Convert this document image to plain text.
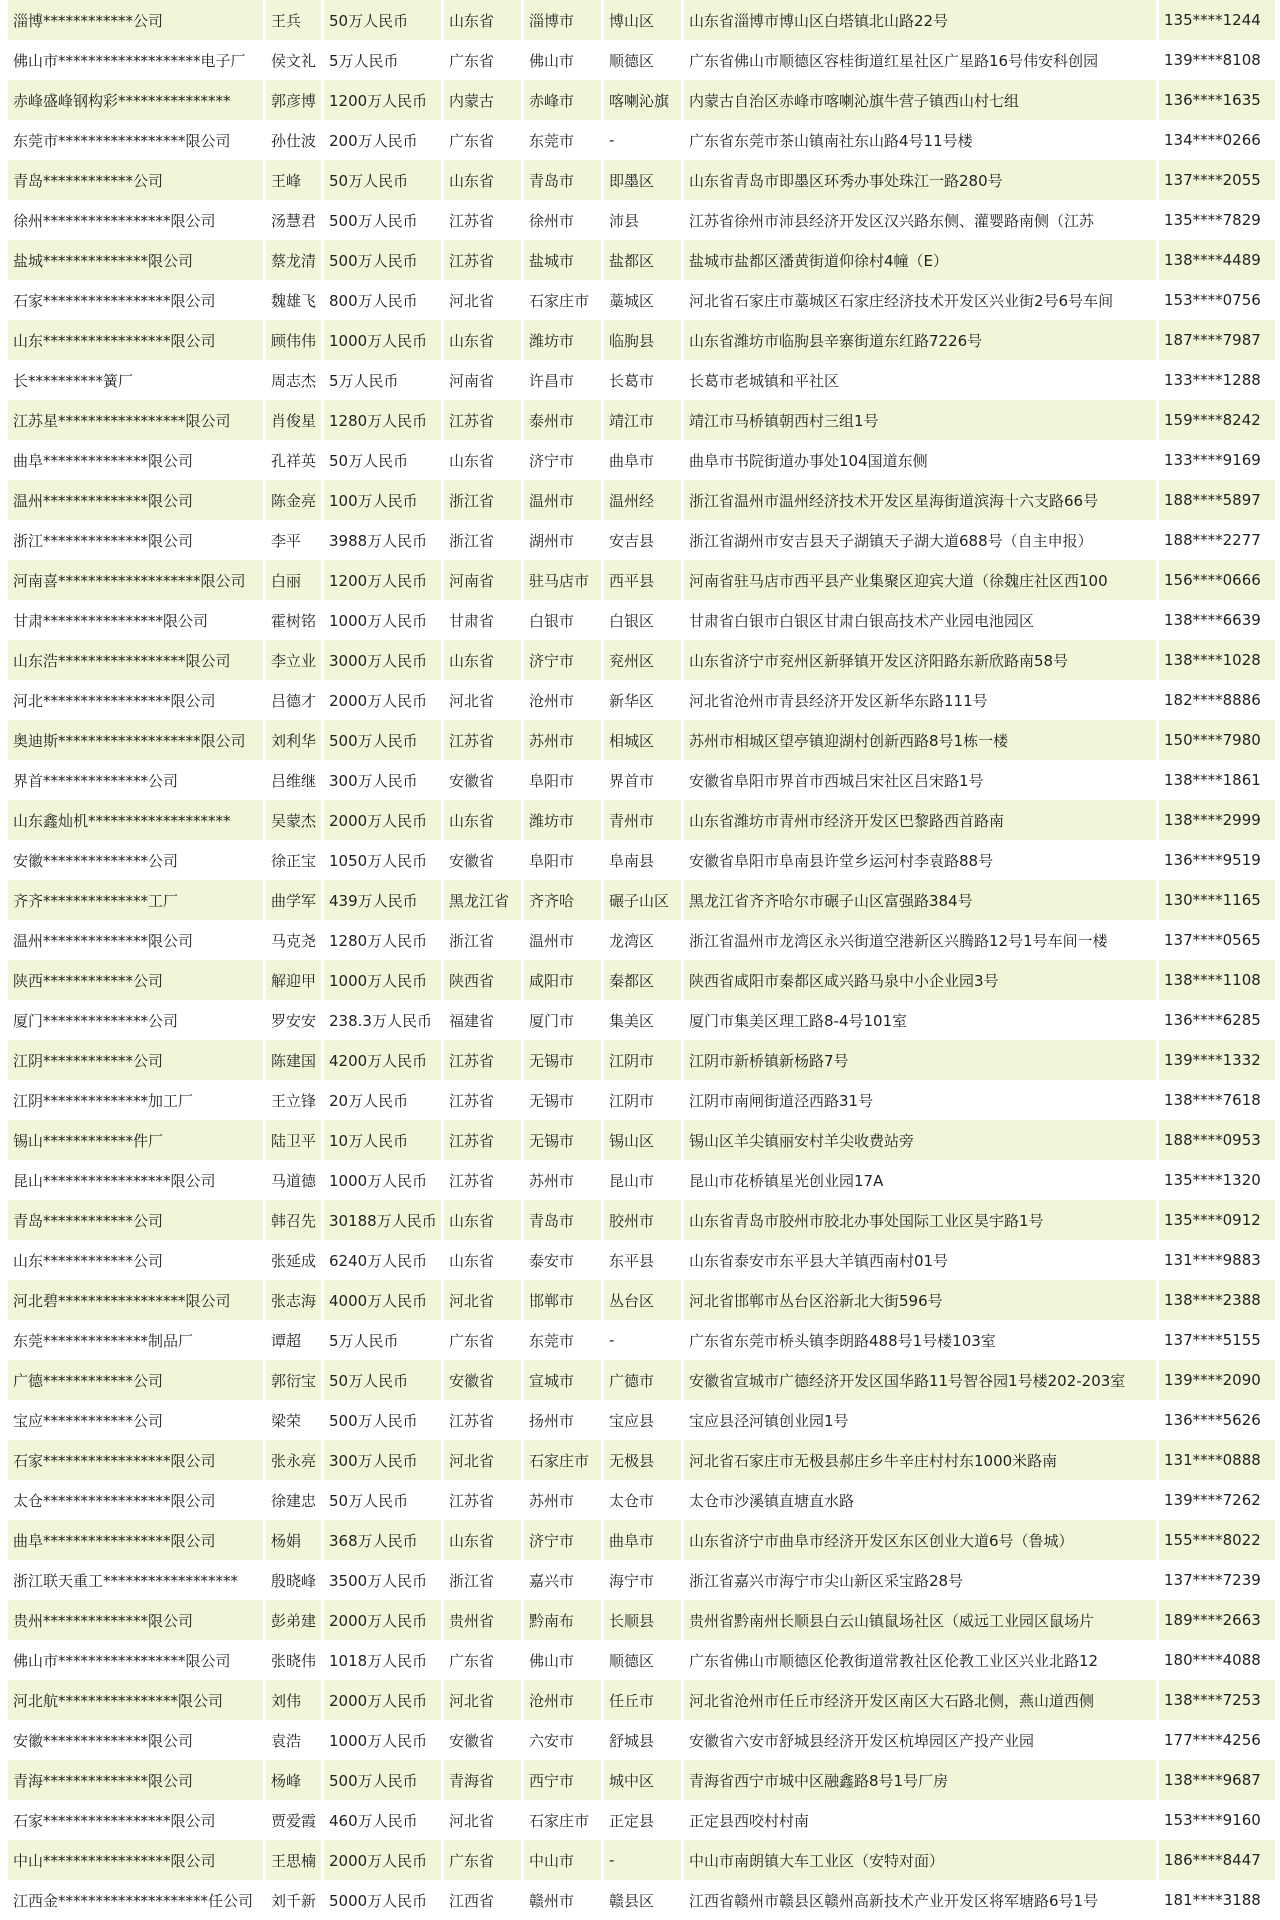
淄博************公司	王兵	50万人民币	山东省	淄博市	博山区	山东省淄博市博山区白塔镇北山路22号	135****1244
佛山市*******************电子厂	侯文礼	5万人民币	广东省	佛山市	顺德区	广东省佛山市顺德区容桂街道红星社区广星路16号伟安科创园	139****8108
赤峰盛峰钢构彩***************	郭彦博	1200万人民币	内蒙古	赤峰市	喀喇沁旗	内蒙古自治区赤峰市喀喇沁旗牛营子镇西山村七组	136****1635
东莞市*****************限公司	孙仕波	200万人民币	广东省	东莞市	-	广东省东莞市茶山镇南社东山路4号11号楼	134****0266
青岛************公司	王峰	50万人民币	山东省	青岛市	即墨区	山东省青岛市即墨区环秀办事处珠江一路280号	137****2055
徐州*****************限公司	汤慧君	500万人民币	江苏省	徐州市	沛县	江苏省徐州市沛县经济开发区汉兴路东侧、灌婴路南侧（江苏	135****7829
盐城**************限公司	蔡龙清	500万人民币	江苏省	盐城市	盐都区	盐城市盐都区潘黄街道仰徐村4幢（E）	138****4489
石家*****************限公司	魏雄飞	800万人民币	河北省	石家庄市	藁城区	河北省石家庄市藁城区石家庄经济技术开发区兴业街2号6号车间	153****0756
山东*****************限公司	顾伟伟	1000万人民币	山东省	潍坊市	临朐县	山东省潍坊市临朐县辛寨街道东红路7226号	187****7987
长**********簧厂	周志杰	5万人民币	河南省	许昌市	长葛市	长葛市老城镇和平社区	133****1288
江苏星*****************限公司	肖俊星	1280万人民币	江苏省	泰州市	靖江市	靖江市马桥镇朝西村三组1号	159****8242
曲阜**************限公司	孔祥英	50万人民币	山东省	济宁市	曲阜市	曲阜市书院街道办事处104国道东侧	133****9169
温州**************限公司	陈金亮	100万人民币	浙江省	温州市	温州经	浙江省温州市温州经济技术开发区星海街道滨海十六支路66号	188****5897
浙江**************限公司	李平	3988万人民币	浙江省	湖州市	安吉县	浙江省湖州市安吉县天子湖镇天子湖大道688号（自主申报）	188****2277
河南喜*******************限公司	白丽	1200万人民币	河南省	驻马店市	西平县	河南省驻马店市西平县产业集聚区迎宾大道（徐魏庄社区西100	156****0666
甘肃****************限公司	霍树铭	1000万人民币	甘肃省	白银市	白银区	甘肃省白银市白银区甘肃白银高技术产业园电池园区	138****6639
山东浩*****************限公司	李立业	3000万人民币	山东省	济宁市	兖州区	山东省济宁市兖州区新驿镇开发区济阳路东新欣路南58号	138****1028
河北*****************限公司	吕德才	2000万人民币	河北省	沧州市	新华区	河北省沧州市青县经济开发区新华东路111号	182****8886
奥迪斯*******************限公司	刘利华	500万人民币	江苏省	苏州市	相城区	苏州市相城区望亭镇迎湖村创新西路8号1栋一楼	150****7980
界首**************公司	吕维继	300万人民币	安徽省	阜阳市	界首市	安徽省阜阳市界首市西城吕宋社区吕宋路1号	138****1861
山东鑫灿机*******************	吴蒙杰	2000万人民币	山东省	潍坊市	青州市	山东省潍坊市青州市经济开发区巴黎路西首路南	138****2999
安徽**************公司	徐正宝	1050万人民币	安徽省	阜阳市	阜南县	安徽省阜阳市阜南县许堂乡运河村李袁路88号	136****9519
齐齐**************工厂	曲学军	439万人民币	黑龙江省	齐齐哈	碾子山区	黑龙江省齐齐哈尔市碾子山区富强路384号	130****1165
温州**************限公司	马克尧	1280万人民币	浙江省	温州市	龙湾区	浙江省温州市龙湾区永兴街道空港新区兴腾路12号1号车间一楼	137****0565
陕西************公司	解迎甲	1000万人民币	陕西省	咸阳市	秦都区	陕西省咸阳市秦都区咸兴路马泉中小企业园3号	138****1108
厦门**************公司	罗安安	238.3万人民币	福建省	厦门市	集美区	厦门市集美区理工路8-4号101室	136****6285
江阴************公司	陈建国	4200万人民币	江苏省	无锡市	江阴市	江阴市新桥镇新杨路7号	139****1332
江阴**************加工厂	王立锋	20万人民币	江苏省	无锡市	江阴市	江阴市南闸街道泾西路31号	138****7618
锡山************件厂	陆卫平	10万人民币	江苏省	无锡市	锡山区	锡山区羊尖镇丽安村羊尖收费站旁	188****0953
昆山*****************限公司	马道德	1000万人民币	江苏省	苏州市	昆山市	昆山市花桥镇星光创业园17A	135****1320
青岛************公司	韩召先	30188万人民币	山东省	青岛市	胶州市	山东省青岛市胶州市胶北办事处国际工业区昊宇路1号	135****0912
山东************公司	张延成	6240万人民币	山东省	泰安市	东平县	山东省泰安市东平县大羊镇西南村01号	131****9883
河北碧*****************限公司	张志海	4000万人民币	河北省	邯郸市	丛台区	河北省邯郸市丛台区浴新北大街596号	138****2388
东莞**************制品厂	谭超	5万人民币	广东省	东莞市	-	广东省东莞市桥头镇李朗路488号1号楼103室	137****5155
广德************公司	郭衍宝	50万人民币	安徽省	宣城市	广德市	安徽省宣城市广德经济开发区国华路11号智谷园1号楼202-203室	139****2090
宝应************公司	梁荣	500万人民币	江苏省	扬州市	宝应县	宝应县泾河镇创业园1号	136****5626
石家*****************限公司	张永亮	300万人民币	河北省	石家庄市	无极县	河北省石家庄市无极县郝庄乡牛辛庄村村东1000米路南	131****0888
太仓*****************限公司	徐建忠	50万人民币	江苏省	苏州市	太仓市	太仓市沙溪镇直塘直水路	139****7262
曲阜*****************限公司	杨娟	368万人民币	山东省	济宁市	曲阜市	山东省济宁市曲阜市经济开发区东区创业大道6号（鲁城）	155****8022
浙江联天重工******************	殷晓峰	3500万人民币	浙江省	嘉兴市	海宁市	浙江省嘉兴市海宁市尖山新区采宝路28号	137****7239
贵州**************限公司	彭弟建	2000万人民币	贵州省	黔南布	长顺县	贵州省黔南州长顺县白云山镇鼠场社区（威远工业园区鼠场片	189****2663
佛山市*****************限公司	张晓伟	1018万人民币	广东省	佛山市	顺德区	广东省佛山市顺德区伦教街道常教社区伦教工业区兴业北路12	180****4088
河北航****************限公司	刘伟	2000万人民币	河北省	沧州市	任丘市	河北省沧州市任丘市经济开发区南区大石路北侧，燕山道西侧	138****7253
安徽**************限公司	袁浩	1000万人民币	安徽省	六安市	舒城县	安徽省六安市舒城县经济开发区杭埠园区产投产业园	177****4256
青海**************限公司	杨峰	500万人民币	青海省	西宁市	城中区	青海省西宁市城中区融鑫路8号1号厂房	138****9687
石家*****************限公司	贾爱霞	460万人民币	河北省	石家庄市	正定县	正定县西咬村村南	153****9160
中山*****************限公司	王思楠	2000万人民币	广东省	中山市	-	中山市南朗镇大车工业区（安特对面）	186****8447
江西金********************任公司	刘千新	5000万人民币	江西省	赣州市	赣县区	江西省赣州市赣县区赣州高新技术产业开发区将军塘路6号1号	181****3188
